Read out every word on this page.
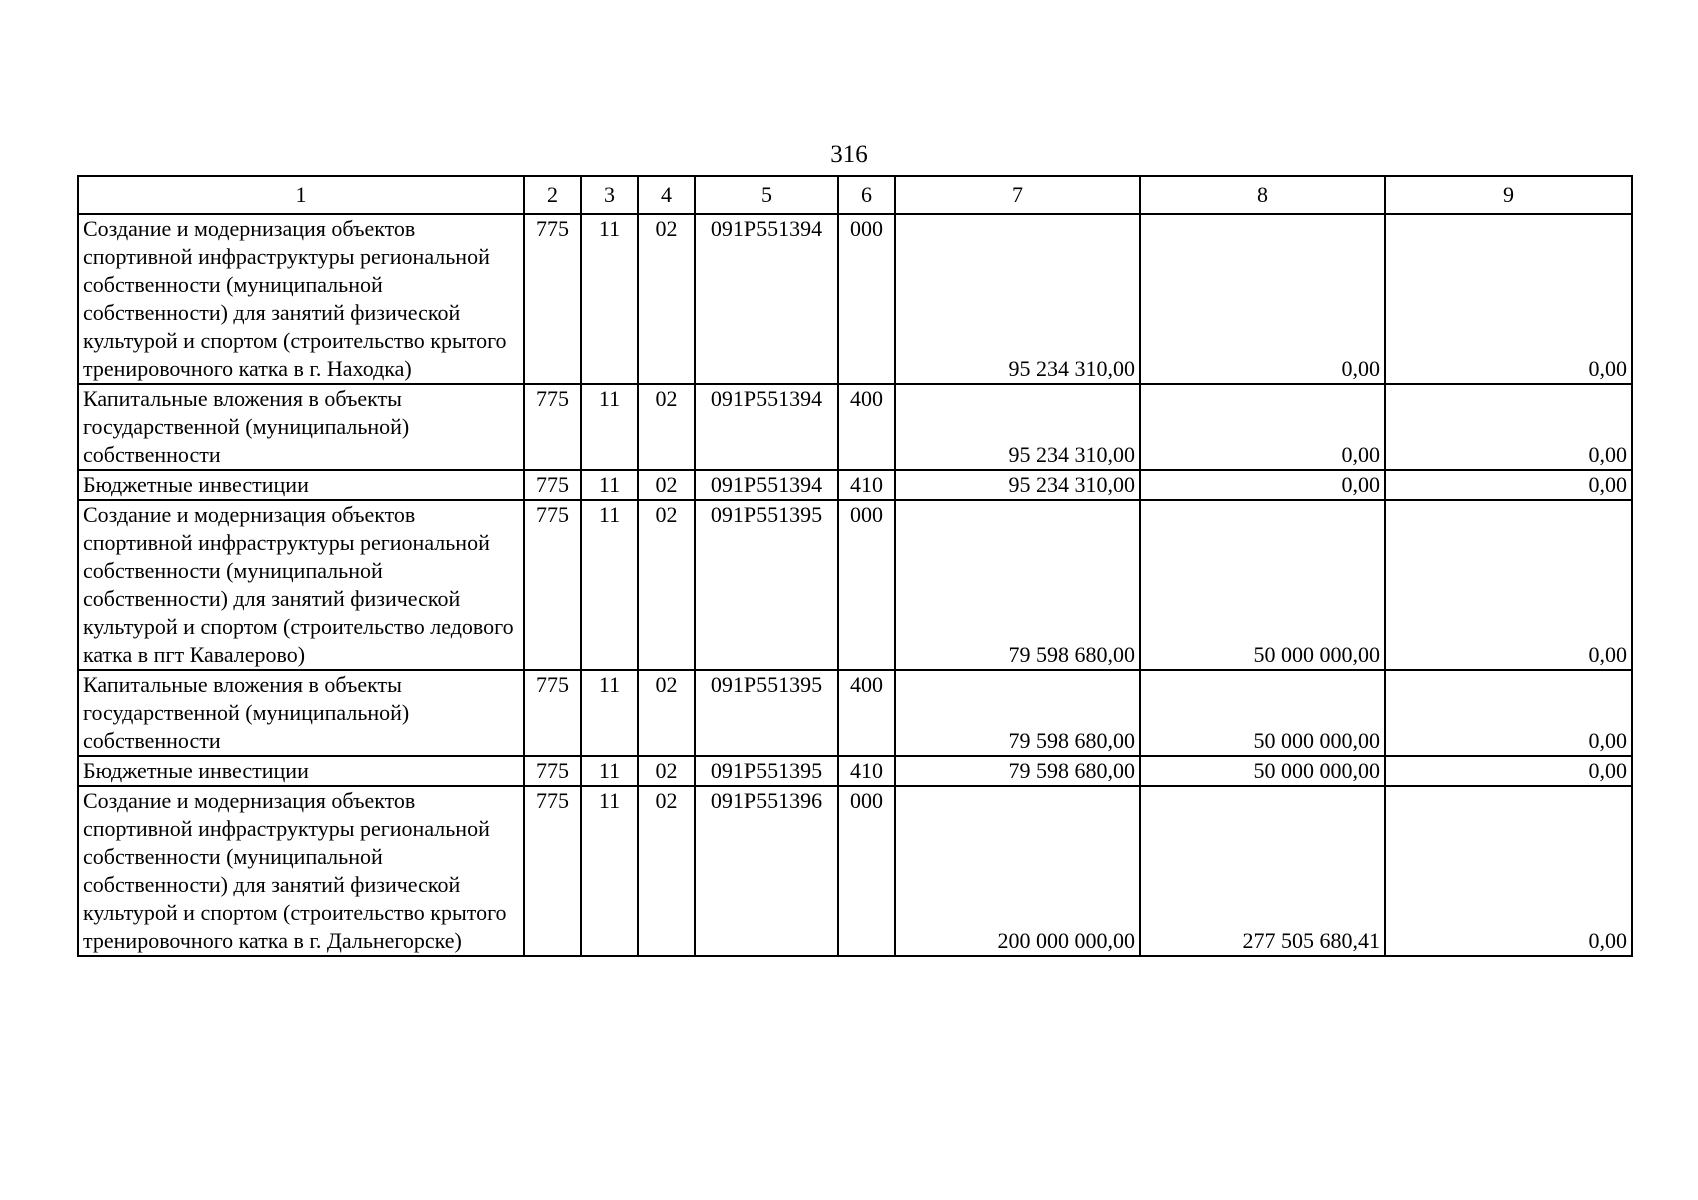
316
1	2	3	4	5	6	7	8	9
Создание и модернизация объектов спортивной инфраструктуры региональной собственности (муниципальной собственности) для занятий физической культурой и спортом (строительство крытого тренировочного катка в г. Находка)	775	11	02	091P551394	000	95 234 310,00	0,00	0,00
Капитальные вложения в объекты государственной (муниципальной) собственности	775	11	02	091P551394	400	95 234 310,00	0,00	0,00
Бюджетные инвестиции	775	11	02	091P551394	410	95 234 310,00	0,00	0,00
Создание и модернизация объектов спортивной инфраструктуры региональной собственности (муниципальной собственности) для занятий физической культурой и спортом (строительство ледового катка в пгт Кавалерово)	775	11	02	091P551395	000	79 598 680,00	50 000 000,00	0,00
Капитальные вложения в объекты государственной (муниципальной) собственности	775	11	02	091P551395	400	79 598 680,00	50 000 000,00	0,00
Бюджетные инвестиции	775	11	02	091P551395	410	79 598 680,00	50 000 000,00	0,00
Создание и модернизация объектов спортивной инфраструктуры региональной собственности (муниципальной собственности) для занятий физической культурой и спортом (строительство крытого тренировочного катка в г. Дальнегорске)	775	11	02	091P551396	000	200 000 000,00	277 505 680,41	0,00
